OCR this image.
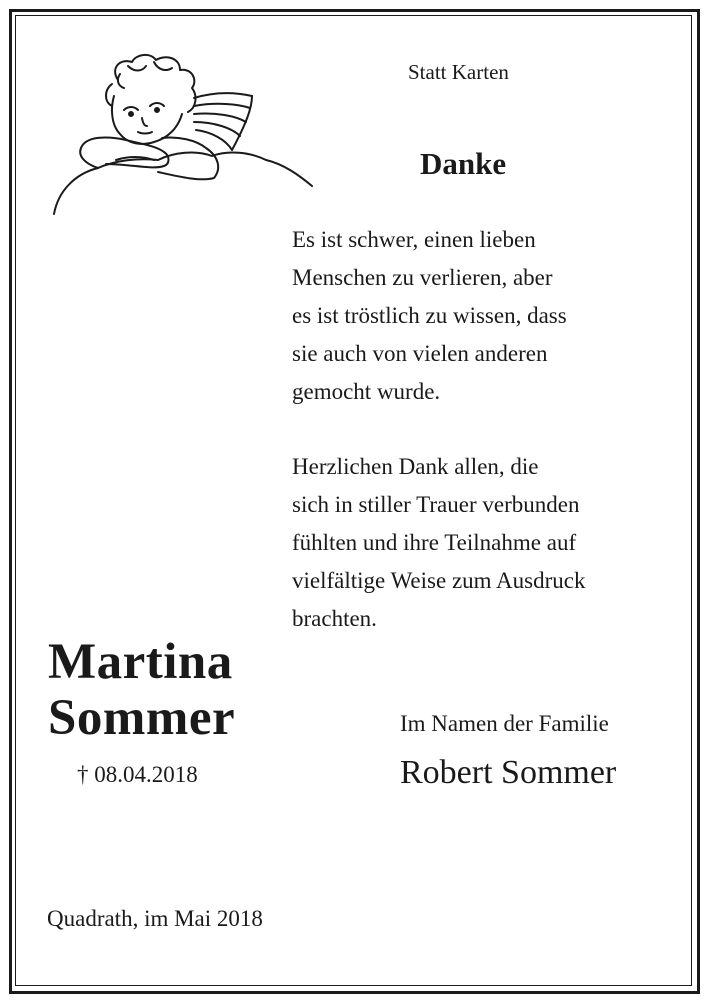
Statt Karten
Danke
Es ist schwer, einen lieben
Menschen zu verlieren, aber
es ist tröstlich zu wissen, dass
sie auch von vielen anderen
gemocht wurde.
Herzlichen Dank allen, die
sich in stiller Trauer verbunden
fühlten und ihre Teilnahme auf
vielfältige Weise zum Ausdruck
brachten.
Martina
Sommer
† 08.04.2018
Im Namen der Familie
Robert Sommer
Quadrath, im Mai 2018
